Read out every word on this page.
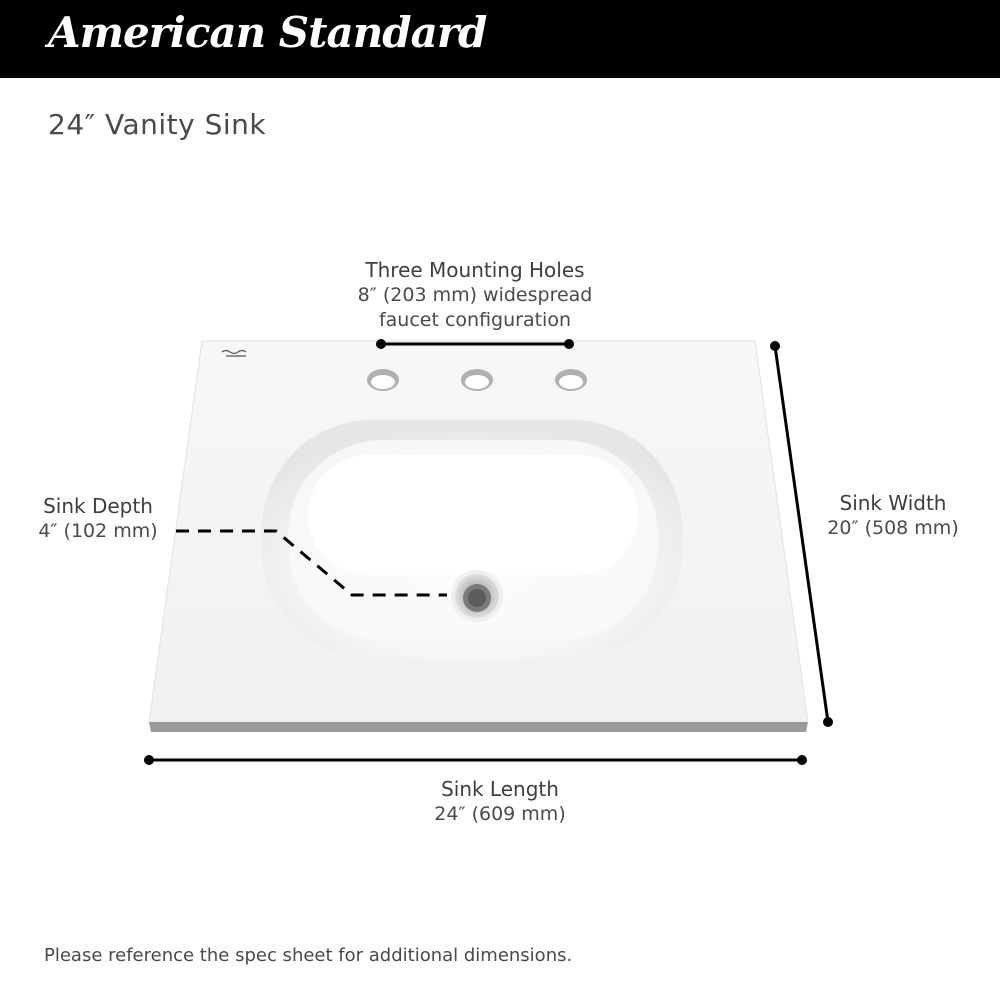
American Standard
24″ Vanity Sink
Three Mounting Holes
8″ (203 mm) widespread
faucet configuration
Sink Depth
4″ (102 mm)
Sink Width
20″ (508 mm)
Sink Length
24″ (609 mm)
Please reference the spec sheet for additional dimensions.
